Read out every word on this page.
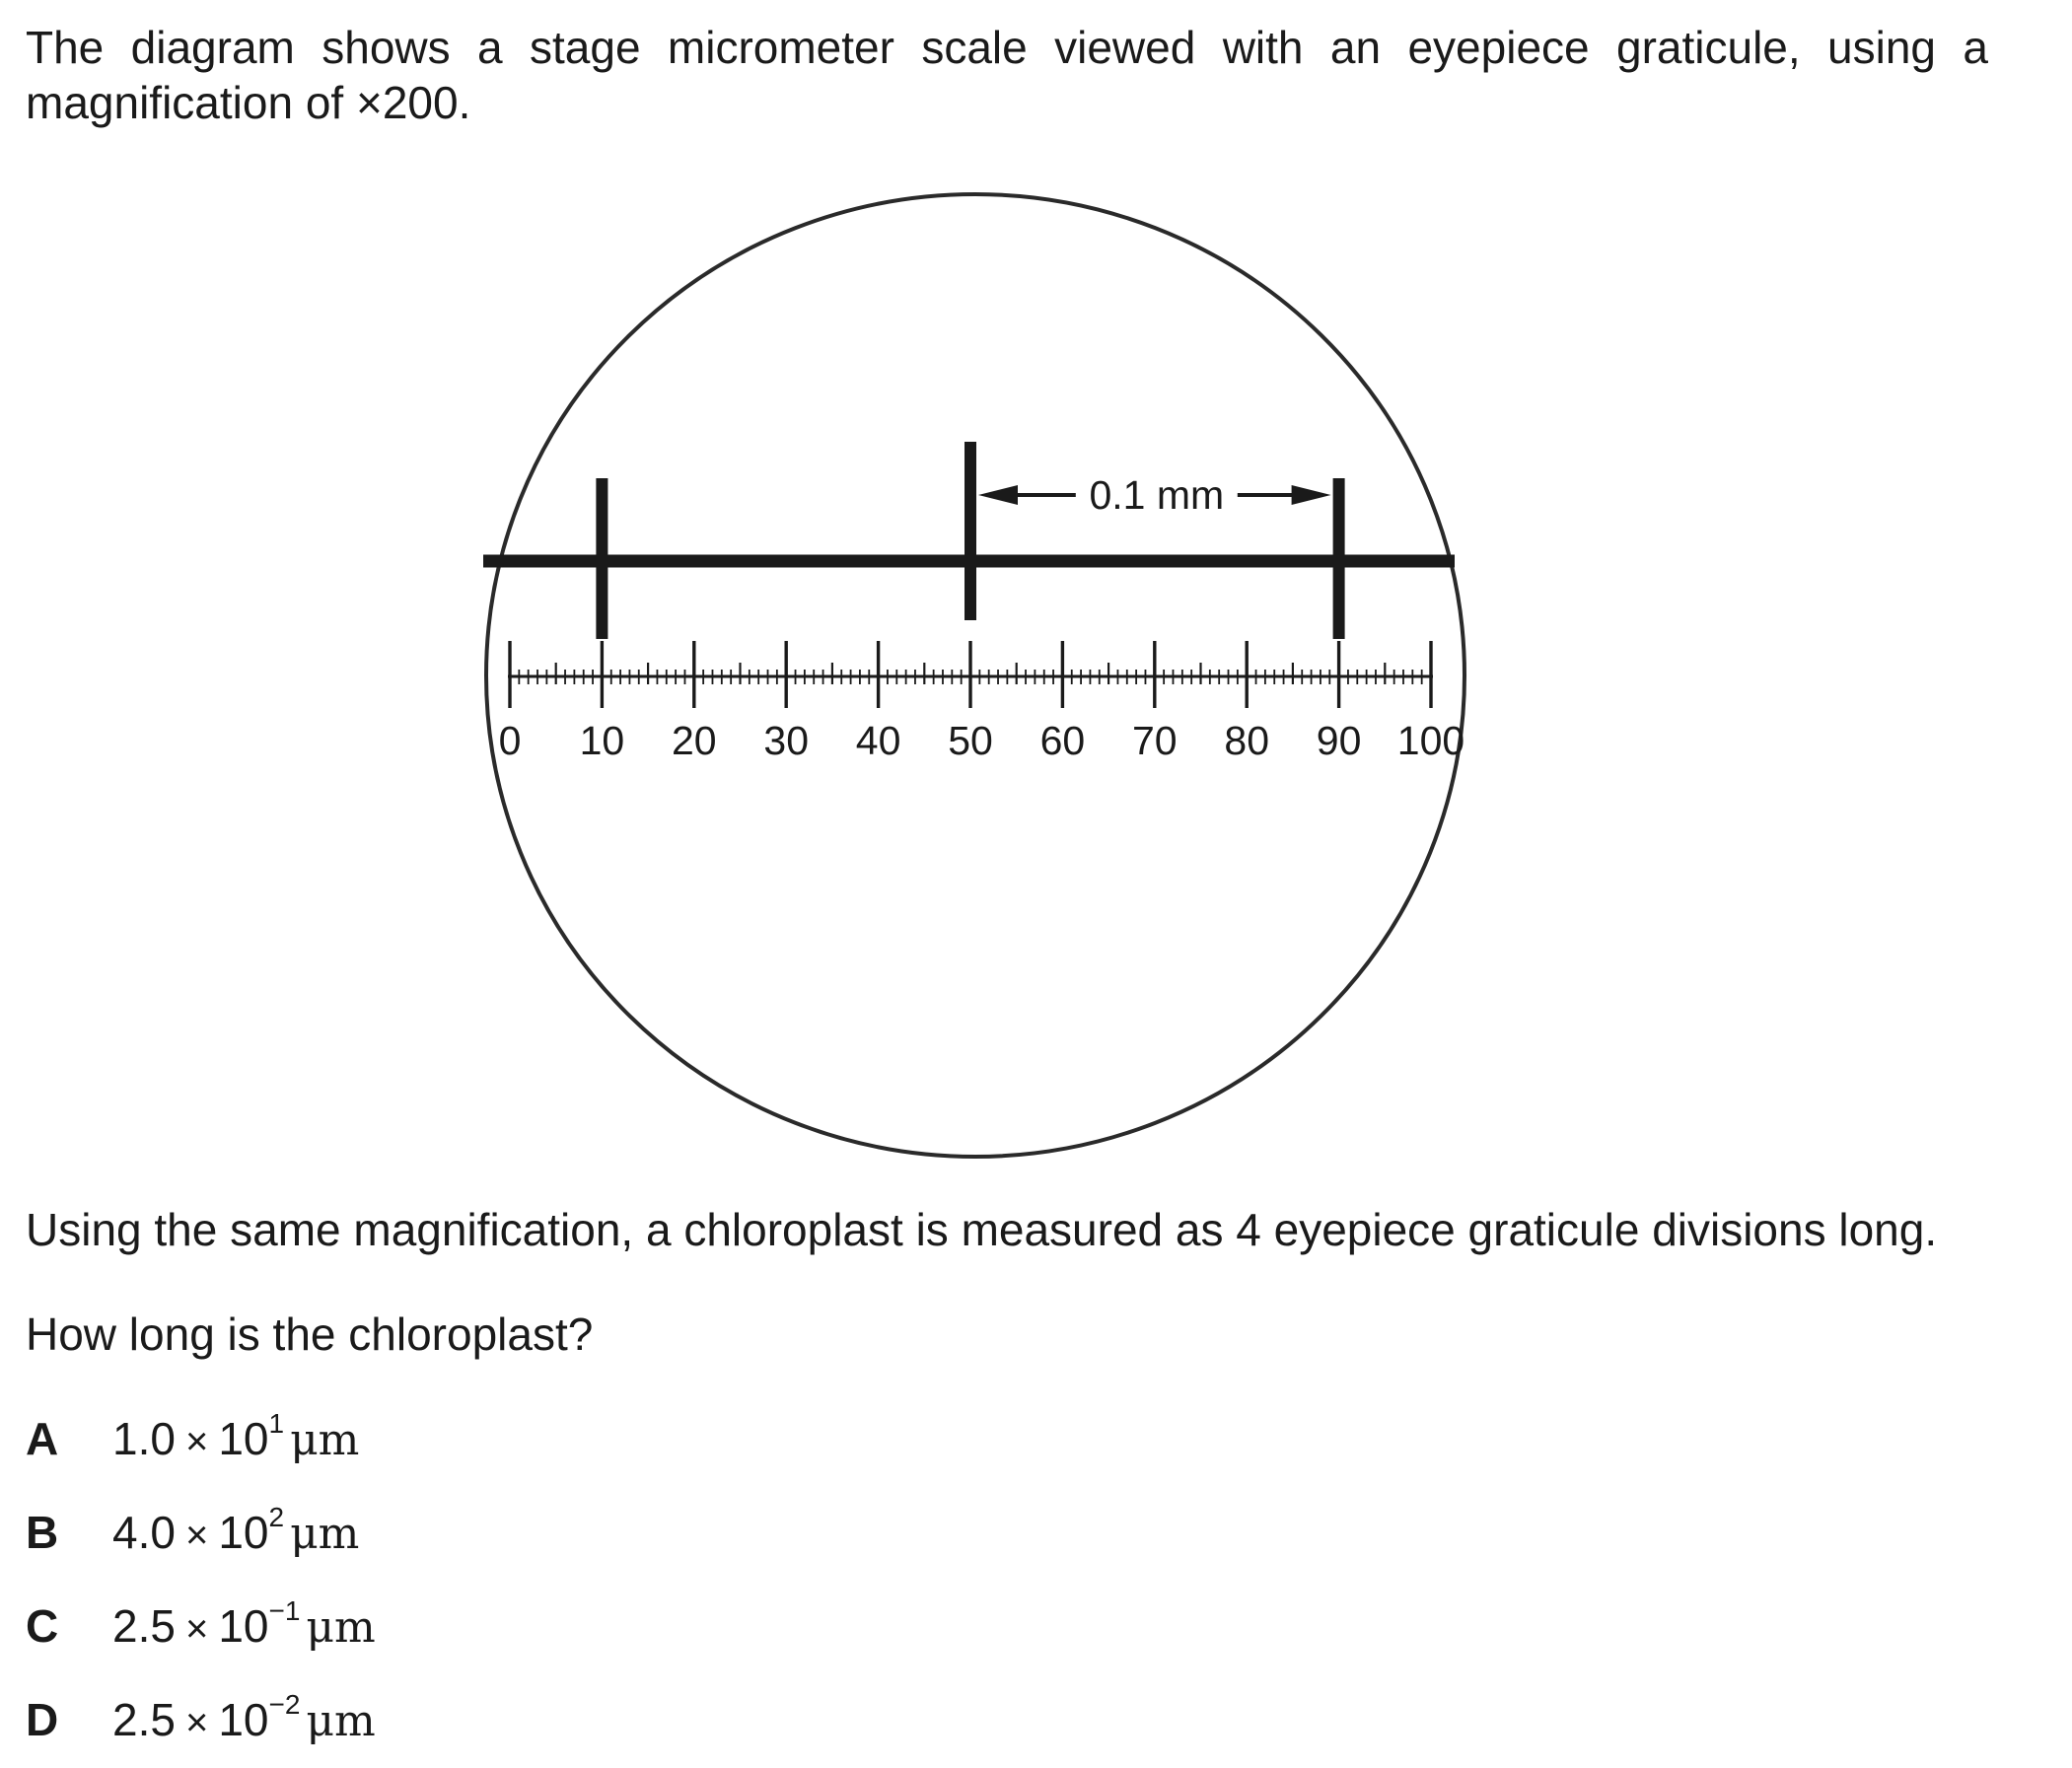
The diagram shows a stage micrometer scale viewed with an eyepiece graticule, using a
magnification of ×200.

0 10 20 30 40 50 60 70 80 90 100
0.1 mm

Using the same magnification, a chloroplast is measured as 4 eyepiece graticule divisions long.

How long is the chloroplast?

A $1.0 \times 10^1$ μm
B $4.0 \times 10^2$ μm
C $2.5 \times 10^{-1}$ μm
D $2.5 \times 10^{-2}$ μm
